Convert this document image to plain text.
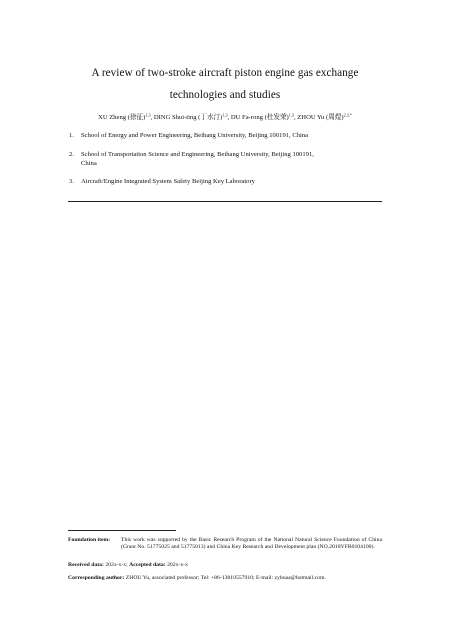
A review of two-stroke aircraft piston engine gas exchange
technologies and studies
XU Zheng (徐征)$^{1,3}$, DING Shui-ting (丁水汀)$^{1,3}$, DU Fa-rong (杜发荣)$^{1,3}$, ZHOU Yu (周煜)$^{2,3,*}$
1. School of Energy and Power Engineering, Beihang University, Beijing 100191, China
2. School of Transportation Science and Engineering, Beihang University, Beijing 100191,
China
3. Aircraft/Engine Integrated System Safety Beijing Key Laboratory
Foundation item: This work was supported by the Basic Research Program of the National Natural Science Foundation of China (Grant No. 51775025 and 51775013) and China Key Research and Development plan (NO.2018YFB0104100).
Received data: 202x-x-x; Accepted data: 202x-x-x
Corresponding author: ZHOU Yu, associated professor; Tel: +86-13810557910; E-mail: zybuaa@hotmail.com.
